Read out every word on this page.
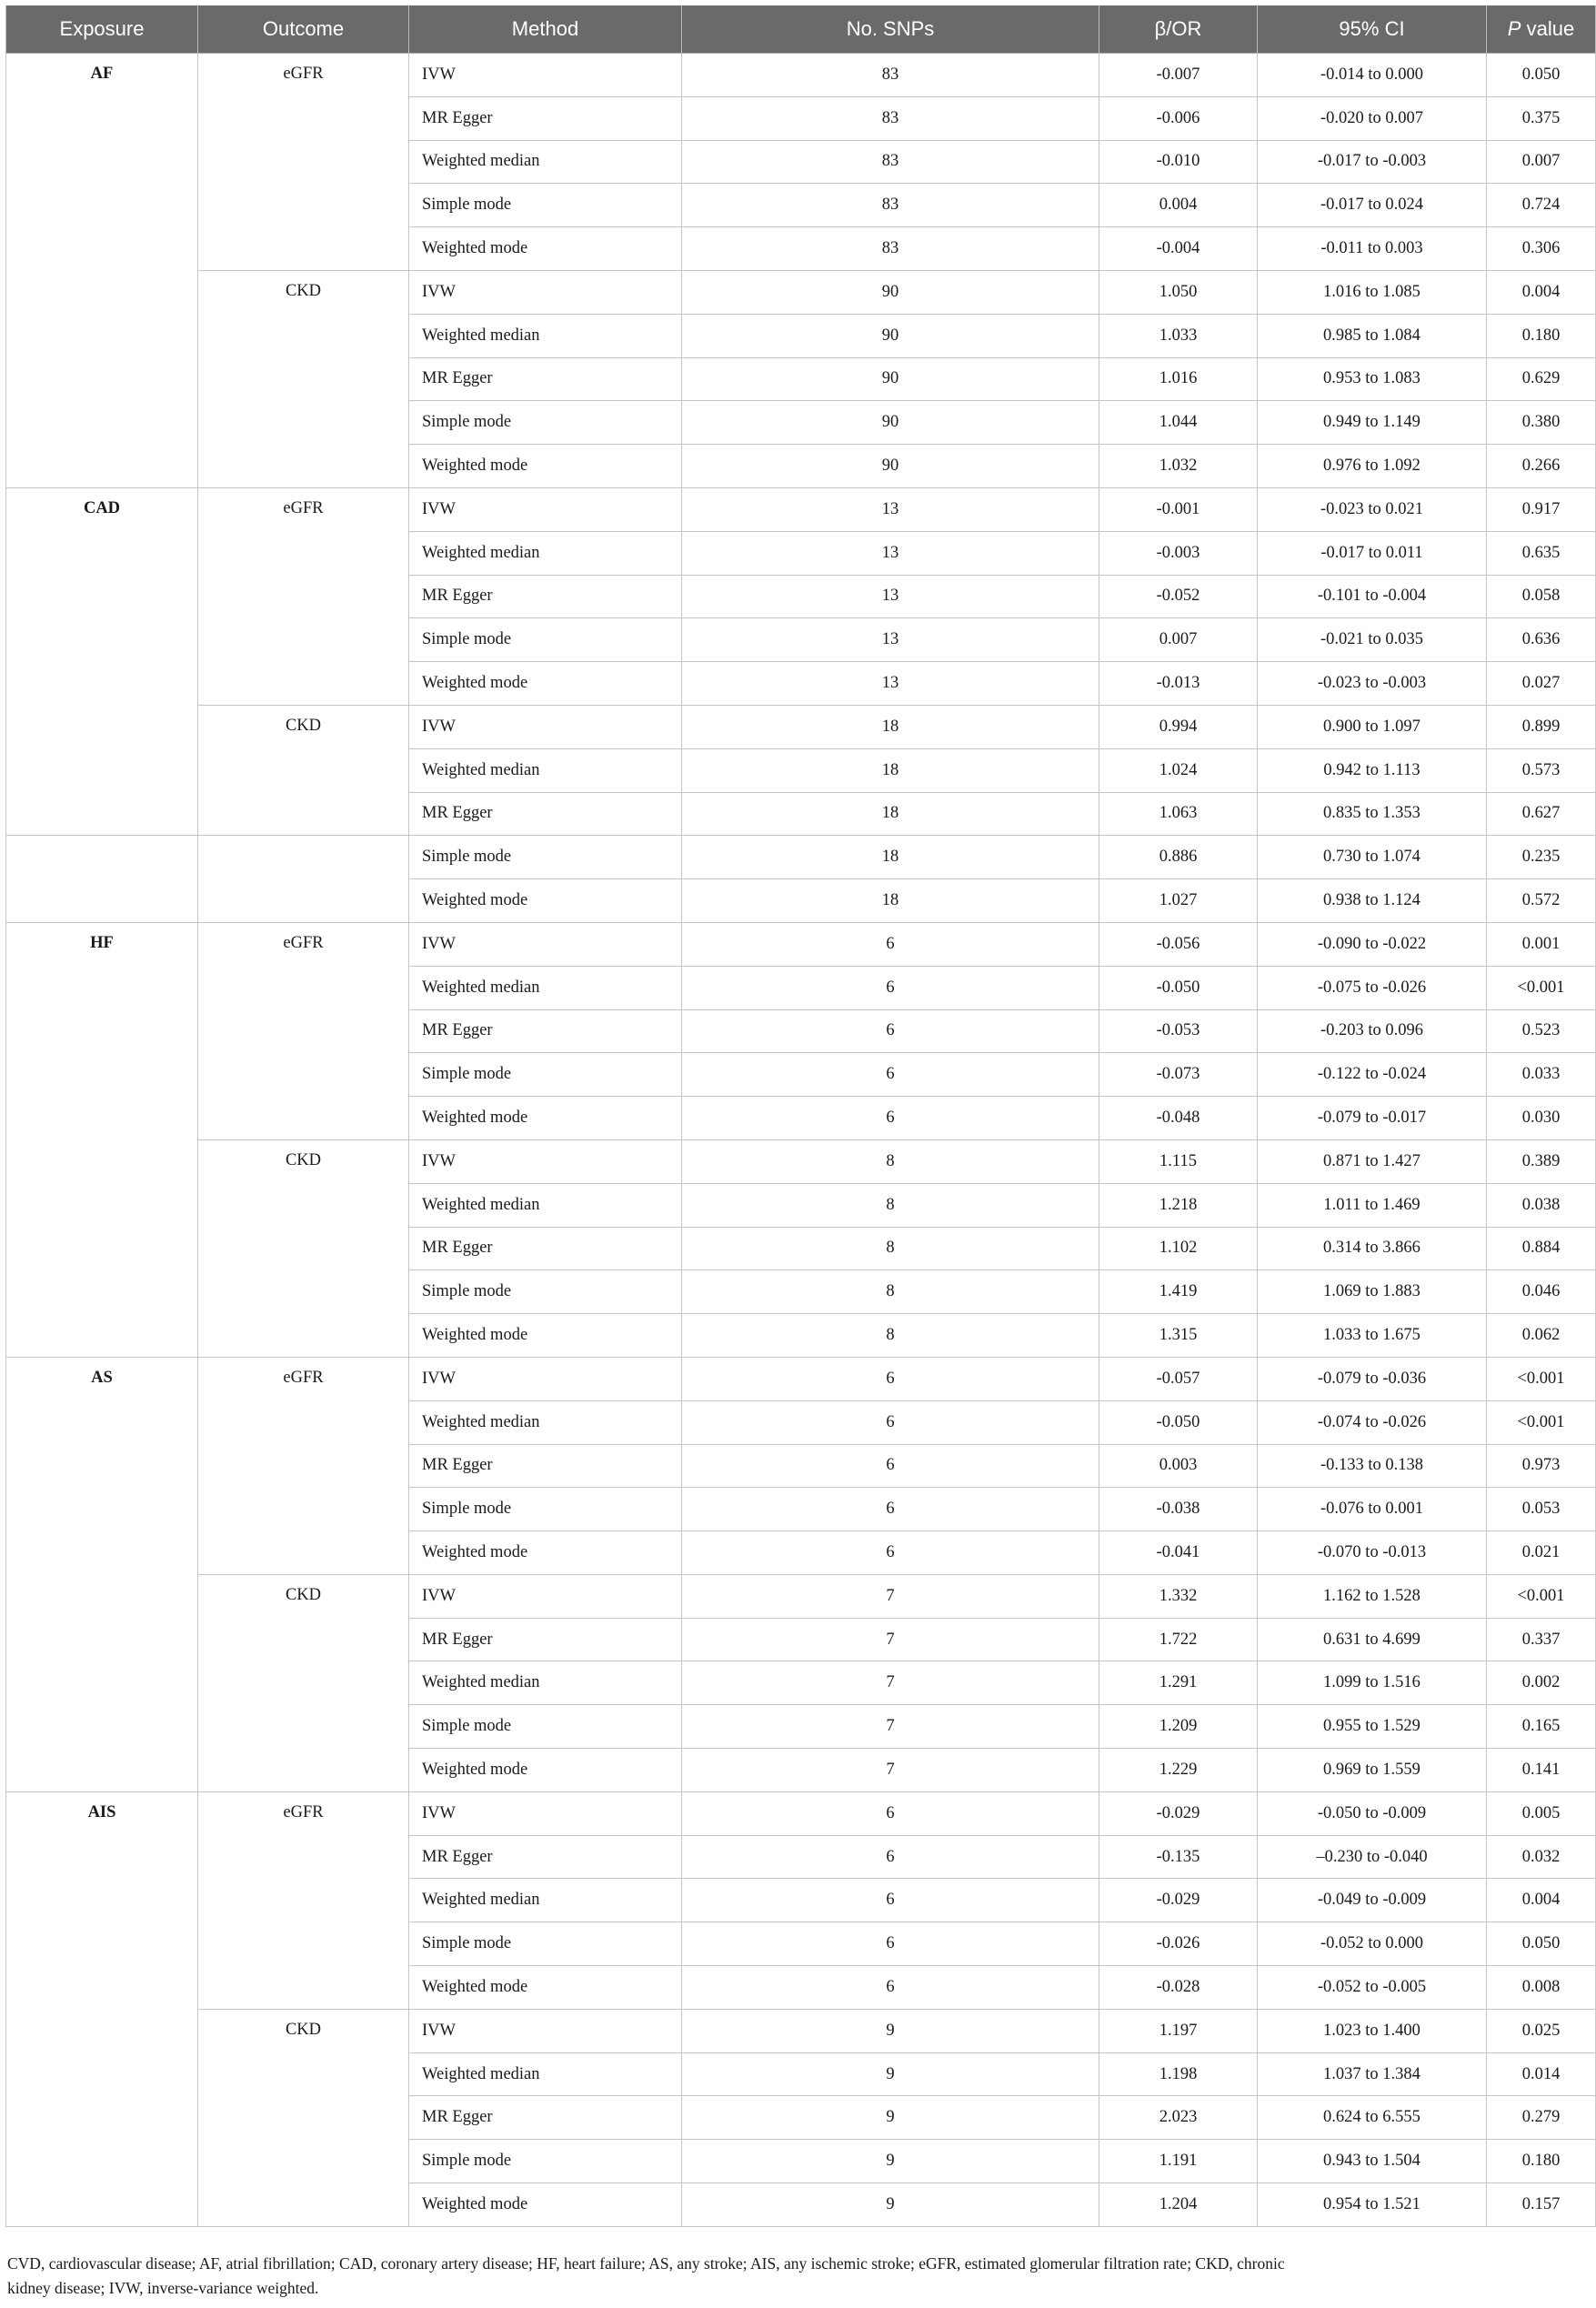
Exposure	Outcome	Method	No. SNPs	β/OR	95% CI	P value
AF	eGFR	IVW	83	-0.007	-0.014 to 0.000	0.050
		MR Egger	83	-0.006	-0.020 to 0.007	0.375
		Weighted median	83	-0.010	-0.017 to -0.003	0.007
		Simple mode	83	0.004	-0.017 to 0.024	0.724
		Weighted mode	83	-0.004	-0.011 to 0.003	0.306
	CKD	IVW	90	1.050	1.016 to 1.085	0.004
		Weighted median	90	1.033	0.985 to 1.084	0.180
		MR Egger	90	1.016	0.953 to 1.083	0.629
		Simple mode	90	1.044	0.949 to 1.149	0.380
		Weighted mode	90	1.032	0.976 to 1.092	0.266
CAD	eGFR	IVW	13	-0.001	-0.023 to 0.021	0.917
		Weighted median	13	-0.003	-0.017 to 0.011	0.635
		MR Egger	13	-0.052	-0.101 to -0.004	0.058
		Simple mode	13	0.007	-0.021 to 0.035	0.636
		Weighted mode	13	-0.013	-0.023 to -0.003	0.027
	CKD	IVW	18	0.994	0.900 to 1.097	0.899
		Weighted median	18	1.024	0.942 to 1.113	0.573
		MR Egger	18	1.063	0.835 to 1.353	0.627
		Simple mode	18	0.886	0.730 to 1.074	0.235
		Weighted mode	18	1.027	0.938 to 1.124	0.572
HF	eGFR	IVW	6	-0.056	-0.090 to -0.022	0.001
		Weighted median	6	-0.050	-0.075 to -0.026	<0.001
		MR Egger	6	-0.053	-0.203 to 0.096	0.523
		Simple mode	6	-0.073	-0.122 to -0.024	0.033
		Weighted mode	6	-0.048	-0.079 to -0.017	0.030
	CKD	IVW	8	1.115	0.871 to 1.427	0.389
		Weighted median	8	1.218	1.011 to 1.469	0.038
		MR Egger	8	1.102	0.314 to 3.866	0.884
		Simple mode	8	1.419	1.069 to 1.883	0.046
		Weighted mode	8	1.315	1.033 to 1.675	0.062
AS	eGFR	IVW	6	-0.057	-0.079 to -0.036	<0.001
		Weighted median	6	-0.050	-0.074 to -0.026	<0.001
		MR Egger	6	0.003	-0.133 to 0.138	0.973
		Simple mode	6	-0.038	-0.076 to 0.001	0.053
		Weighted mode	6	-0.041	-0.070 to -0.013	0.021
	CKD	IVW	7	1.332	1.162 to 1.528	<0.001
		MR Egger	7	1.722	0.631 to 4.699	0.337
		Weighted median	7	1.291	1.099 to 1.516	0.002
		Simple mode	7	1.209	0.955 to 1.529	0.165
		Weighted mode	7	1.229	0.969 to 1.559	0.141
AIS	eGFR	IVW	6	-0.029	-0.050 to -0.009	0.005
		MR Egger	6	-0.135	–0.230 to -0.040	0.032
		Weighted median	6	-0.029	-0.049 to -0.009	0.004
		Simple mode	6	-0.026	-0.052 to 0.000	0.050
		Weighted mode	6	-0.028	-0.052 to -0.005	0.008
	CKD	IVW	9	1.197	1.023 to 1.400	0.025
		Weighted median	9	1.198	1.037 to 1.384	0.014
		MR Egger	9	2.023	0.624 to 6.555	0.279
		Simple mode	9	1.191	0.943 to 1.504	0.180
		Weighted mode	9	1.204	0.954 to 1.521	0.157
CVD, cardiovascular disease; AF, atrial fibrillation; CAD, coronary artery disease; HF, heart failure; AS, any stroke; AIS, any ischemic stroke; eGFR, estimated glomerular filtration rate; CKD, chronic kidney disease; IVW, inverse-variance weighted.
